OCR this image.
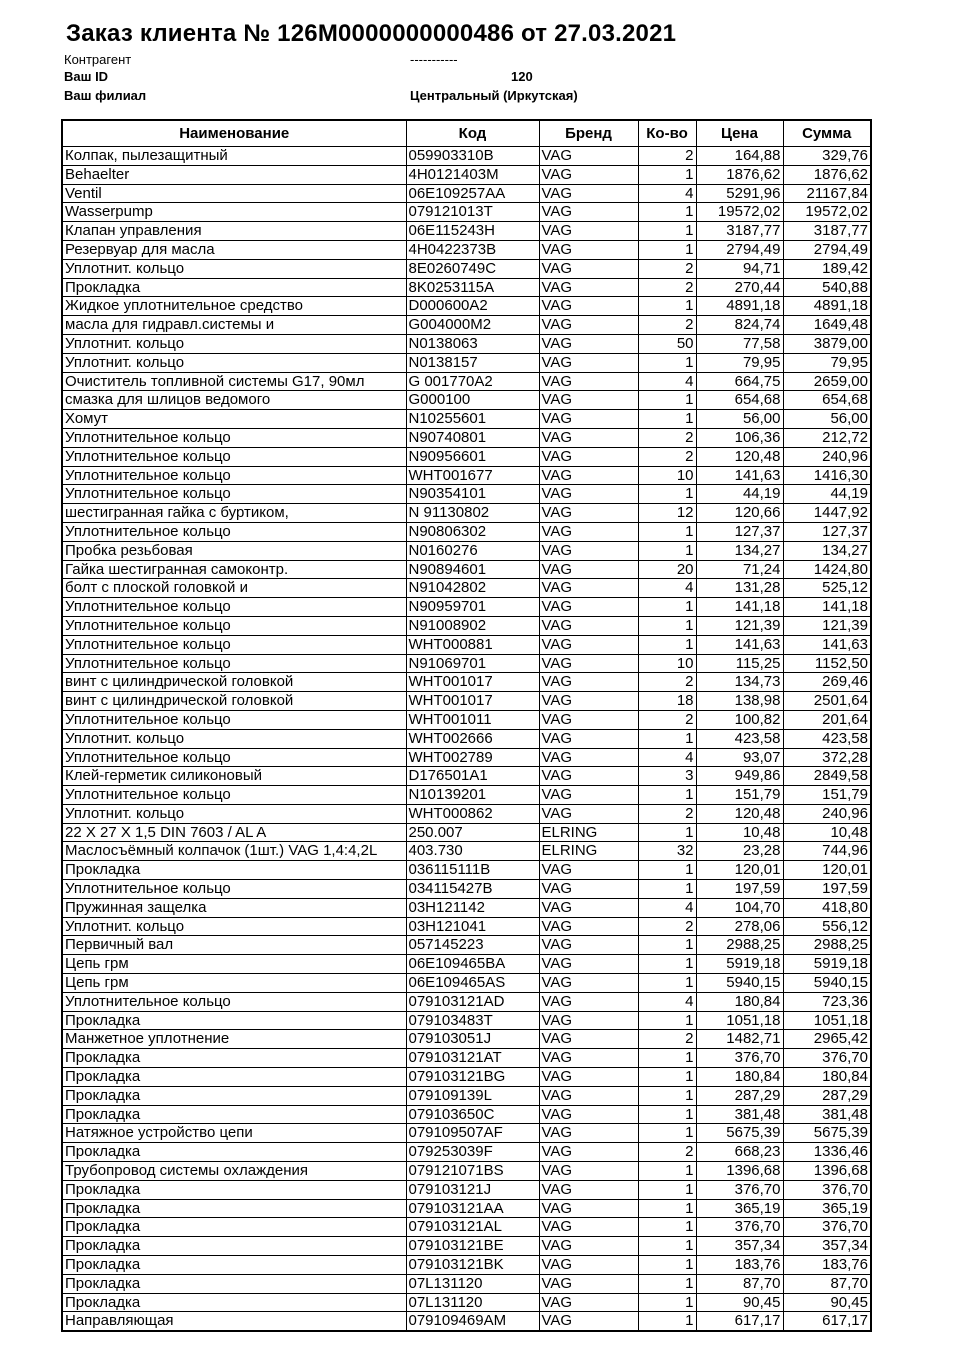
Заказ клиента № 126M0000000000486 от 27.03.2021
Контрагент	-----------
Ваш ID	120
Ваш филиал	Центральный (Иркутская)
Наименование	Код	Бренд	Ко-во	Цена	Сумма
Колпак, пылезащитный	059903310B	VAG	2	164,88	329,76
Behaelter	4H0121403M	VAG	1	1876,62	1876,62
Ventil	06E109257AA	VAG	4	5291,96	21167,84
Wasserpump	079121013T	VAG	1	19572,02	19572,02
Клапан управления	06E115243H	VAG	1	3187,77	3187,77
Резервуар для масла	4H0422373B	VAG	1	2794,49	2794,49
Уплотнит. кольцо	8E0260749C	VAG	2	94,71	189,42
Прокладка	8K0253115A	VAG	2	270,44	540,88
Жидкое уплотнительное средство	D000600A2	VAG	1	4891,18	4891,18
масла для гидравл.системы и	G004000M2	VAG	2	824,74	1649,48
Уплотнит. кольцо	N0138063	VAG	50	77,58	3879,00
Уплотнит. кольцо	N0138157	VAG	1	79,95	79,95
Очиститель топливной системы G17, 90мл	G 001770A2	VAG	4	664,75	2659,00
смазка для шлицов ведомого	G000100	VAG	1	654,68	654,68
Хомут	N10255601	VAG	1	56,00	56,00
Уплотнительное кольцо	N90740801	VAG	2	106,36	212,72
Уплотнительное кольцо	N90956601	VAG	2	120,48	240,96
Уплотнительное кольцо	WHT001677	VAG	10	141,63	1416,30
Уплотнительное кольцо	N90354101	VAG	1	44,19	44,19
шестигранная гайка с буртиком,	N 91130802	VAG	12	120,66	1447,92
Уплотнительное кольцо	N90806302	VAG	1	127,37	127,37
Пробка резьбовая	N0160276	VAG	1	134,27	134,27
Гайка шестигранная самоконтр.	N90894601	VAG	20	71,24	1424,80
болт с плоской головкой и	N91042802	VAG	4	131,28	525,12
Уплотнительное кольцо	N90959701	VAG	1	141,18	141,18
Уплотнительное кольцо	N91008902	VAG	1	121,39	121,39
Уплотнительное кольцо	WHT000881	VAG	1	141,63	141,63
Уплотнительное кольцо	N91069701	VAG	10	115,25	1152,50
винт с цилиндрической головкой	WHT001017	VAG	2	134,73	269,46
винт с цилиндрической головкой	WHT001017	VAG	18	138,98	2501,64
Уплотнительное кольцо	WHT001011	VAG	2	100,82	201,64
Уплотнит. кольцо	WHT002666	VAG	1	423,58	423,58
Уплотнительное кольцо	WHT002789	VAG	4	93,07	372,28
Клей-герметик силиконовый	D176501A1	VAG	3	949,86	2849,58
Уплотнительное кольцо	N10139201	VAG	1	151,79	151,79
Уплотнит. кольцо	WHT000862	VAG	2	120,48	240,96
22 X 27 X 1,5 DIN 7603 / AL A	250.007	ELRING	1	10,48	10,48
Маслосъёмный колпачок (1шт.) VAG 1,4:4,2L	403.730	ELRING	32	23,28	744,96
Прокладка	036115111B	VAG	1	120,01	120,01
Уплотнительное кольцо	034115427B	VAG	1	197,59	197,59
Пружинная защелка	03H121142	VAG	4	104,70	418,80
Уплотнит. кольцо	03H121041	VAG	2	278,06	556,12
Первичный вал	057145223	VAG	1	2988,25	2988,25
Цепь грм	06E109465BA	VAG	1	5919,18	5919,18
Цепь грм	06E109465AS	VAG	1	5940,15	5940,15
Уплотнительное кольцо	079103121AD	VAG	4	180,84	723,36
Прокладка	079103483T	VAG	1	1051,18	1051,18
Манжетное уплотнение	079103051J	VAG	2	1482,71	2965,42
Прокладка	079103121AT	VAG	1	376,70	376,70
Прокладка	079103121BG	VAG	1	180,84	180,84
Прокладка	079109139L	VAG	1	287,29	287,29
Прокладка	079103650C	VAG	1	381,48	381,48
Натяжное устройство цепи	079109507AF	VAG	1	5675,39	5675,39
Прокладка	079253039F	VAG	2	668,23	1336,46
Трубопровод системы охлаждения	079121071BS	VAG	1	1396,68	1396,68
Прокладка	079103121J	VAG	1	376,70	376,70
Прокладка	079103121AA	VAG	1	365,19	365,19
Прокладка	079103121AL	VAG	1	376,70	376,70
Прокладка	079103121BE	VAG	1	357,34	357,34
Прокладка	079103121BK	VAG	1	183,76	183,76
Прокладка	07L131120	VAG	1	87,70	87,70
Прокладка	07L131120	VAG	1	90,45	90,45
Направляющая	079109469AM	VAG	1	617,17	617,17
